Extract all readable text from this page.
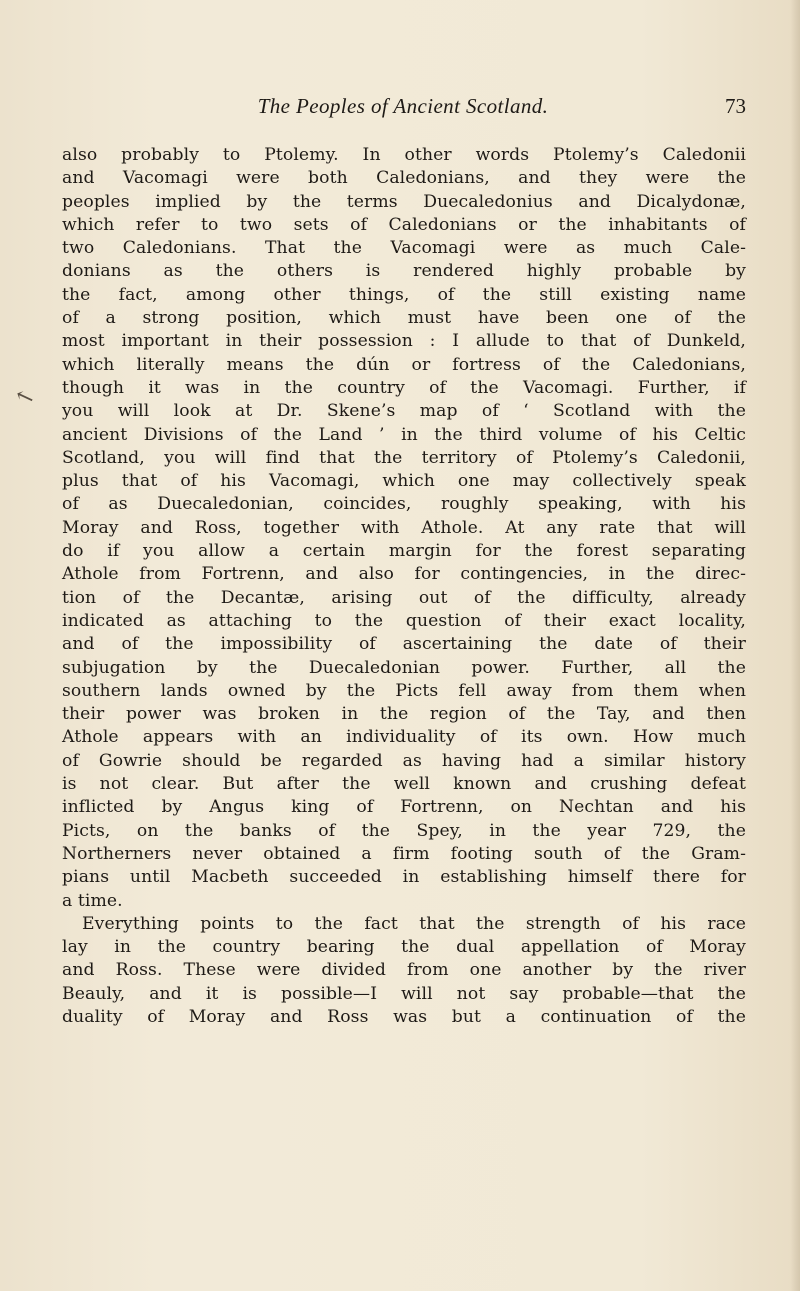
The Peoples of Ancient Scotland.	73
↖
also probably to Ptolemy. In other words Ptolemy’s Caledonii
and Vacomagi were both Caledonians, and they were the
peoples implied by the terms Duecaledonius and Dicalydonæ,
which refer to two sets of Caledonians or the inhabitants of
two Caledonians. That the Vacomagi were as much Cale-
donians as the others is rendered highly probable by
the fact, among other things, of the still existing name
of a strong position, which must have been one of the
most important in their possession : I allude to that of Dunkeld,
which literally means the dún or fortress of the Caledonians,
though it was in the country of the Vacomagi. Further, if
you will look at Dr. Skene’s map of ‘ Scotland with the
ancient Divisions of the Land ’ in the third volume of his Celtic
Scotland, you will find that the territory of Ptolemy’s Caledonii,
plus that of his Vacomagi, which one may collectively speak
of as Duecaledonian, coincides, roughly speaking, with his
Moray and Ross, together with Athole. At any rate that will
do if you allow a certain margin for the forest separating
Athole from Fortrenn, and also for contingencies, in the direc-
tion of the Decantæ, arising out of the difficulty, already
indicated as attaching to the question of their exact locality,
and of the impossibility of ascertaining the date of their
subjugation by the Duecaledonian power. Further, all the
southern lands owned by the Picts fell away from them when
their power was broken in the region of the Tay, and then
Athole appears with an individuality of its own. How much
of Gowrie should be regarded as having had a similar history
is not clear. But after the well known and crushing defeat
inflicted by Angus king of Fortrenn, on Nechtan and his
Picts, on the banks of the Spey, in the year 729, the
Northerners never obtained a firm footing south of the Gram-
pians until Macbeth succeeded in establishing himself there for
a time.
Everything points to the fact that the strength of his race
lay in the country bearing the dual appellation of Moray
and Ross. These were divided from one another by the river
Beauly, and it is possible—I will not say probable—that the
duality of Moray and Ross was but a continuation of the
